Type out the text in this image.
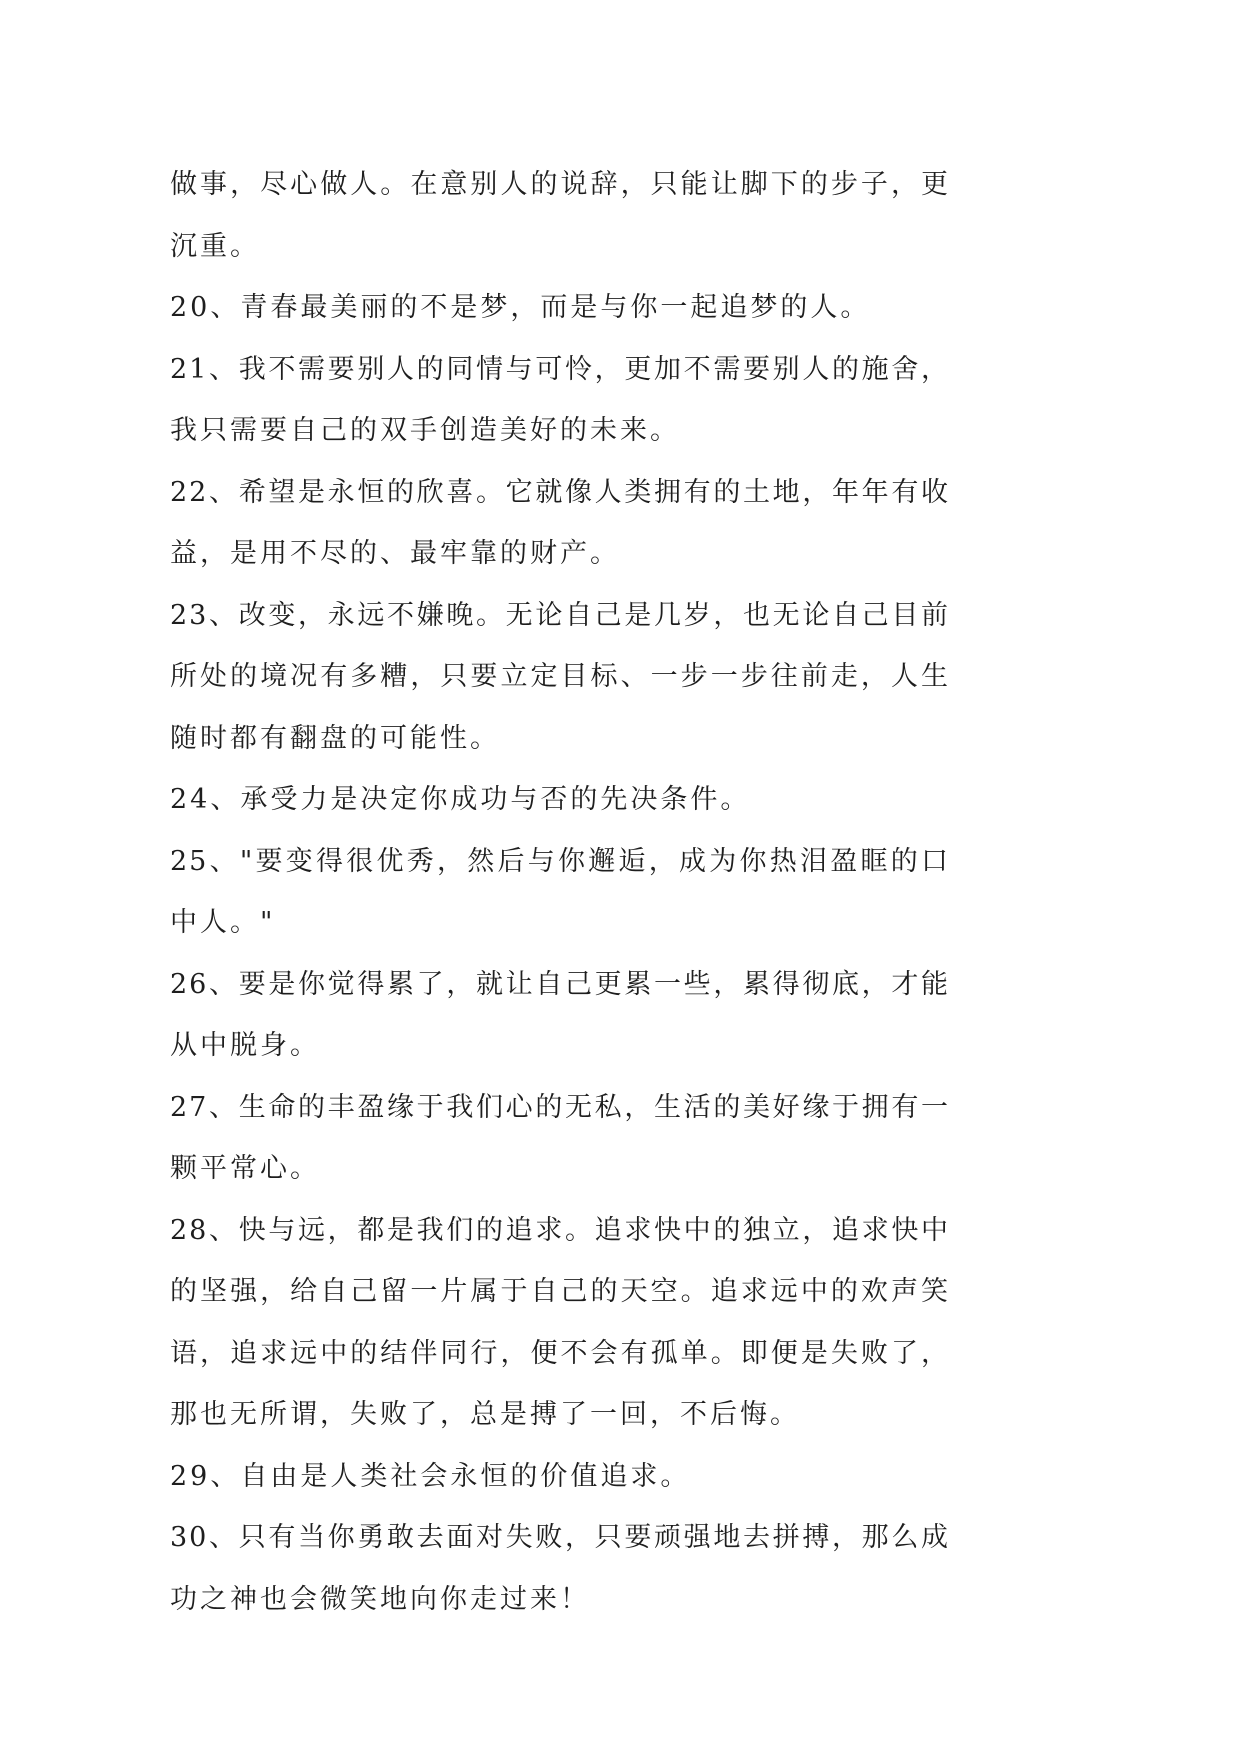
做事，尽心做人。在意别人的说辞，只能让脚下的步子，更
沉重。
20、青春最美丽的不是梦，而是与你一起追梦的人。
21、我不需要别人的同情与可怜，更加不需要别人的施舍，
我只需要自己的双手创造美好的未来。
22、希望是永恒的欣喜。它就像人类拥有的土地，年年有收
益，是用不尽的、最牢靠的财产。
23、改变，永远不嫌晚。无论自己是几岁，也无论自己目前
所处的境况有多糟，只要立定目标、一步一步往前走，人生
随时都有翻盘的可能性。
24、承受力是决定你成功与否的先决条件。
25、"要变得很优秀，然后与你邂逅，成为你热泪盈眶的口
中人。"
26、要是你觉得累了，就让自己更累一些，累得彻底，才能
从中脱身。
27、生命的丰盈缘于我们心的无私，生活的美好缘于拥有一
颗平常心。
28、快与远，都是我们的追求。追求快中的独立，追求快中
的坚强，给自己留一片属于自己的天空。追求远中的欢声笑
语，追求远中的结伴同行，便不会有孤单。即便是失败了，
那也无所谓，失败了，总是搏了一回，不后悔。
29、自由是人类社会永恒的价值追求。
30、只有当你勇敢去面对失败，只要顽强地去拼搏，那么成
功之神也会微笑地向你走过来！
